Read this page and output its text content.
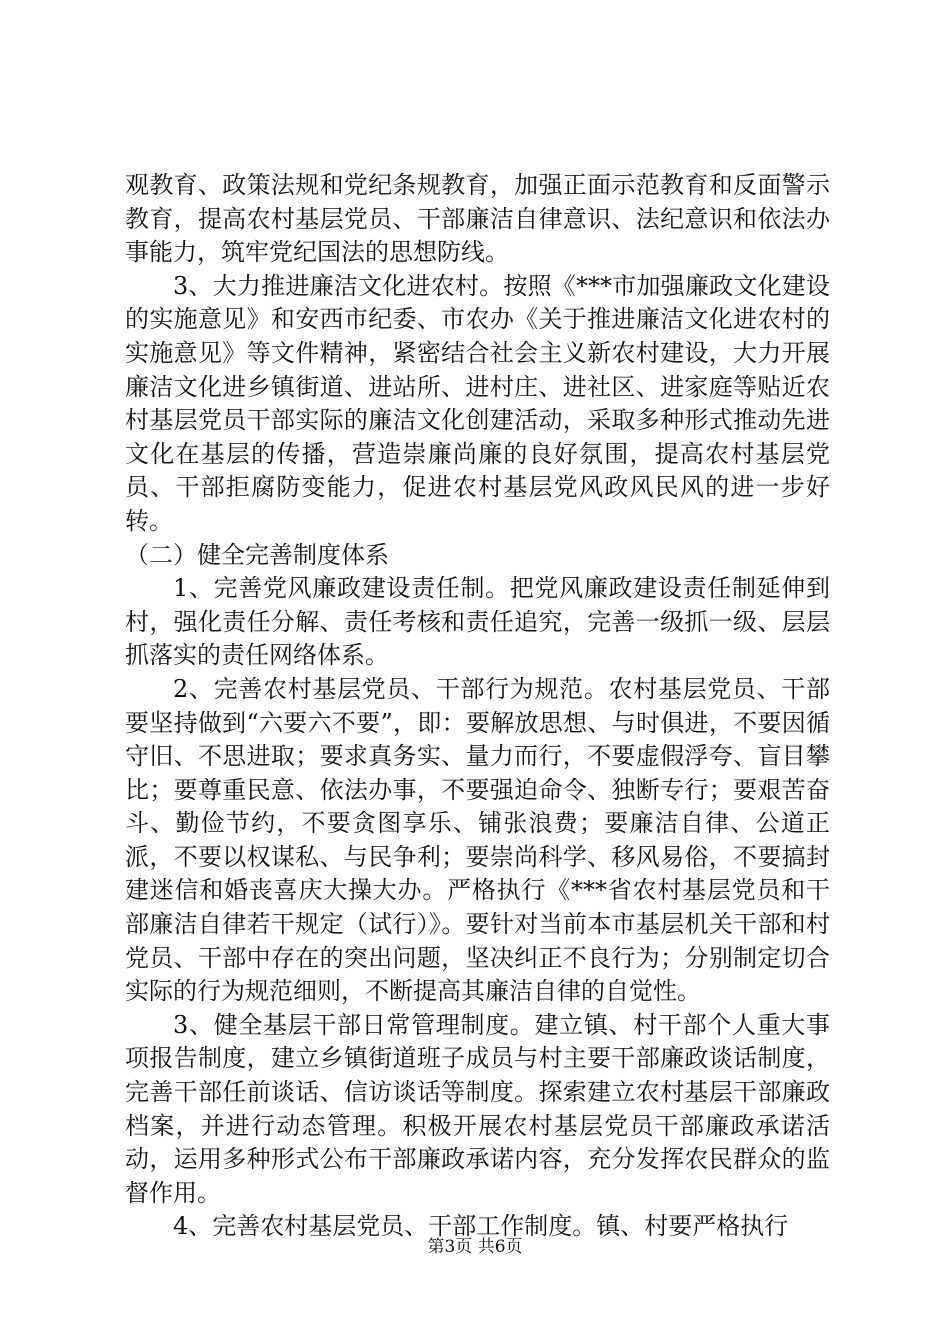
观教育、政策法规和党纪条规教育，加强正面示范教育和反面警示教育，提高农村基层党员、干部廉洁自律意识、法纪意识和依法办事能力，筑牢党纪国法的思想防线。

3、大力推进廉洁文化进农村。按照《***市加强廉政文化建设的实施意见》和安西市纪委、市农办《关于推进廉洁文化进农村的实施意见》等文件精神，紧密结合社会主义新农村建设，大力开展廉洁文化进乡镇街道、进站所、进村庄、进社区、进家庭等贴近农村基层党员干部实际的廉洁文化创建活动，采取多种形式推动先进文化在基层的传播，营造崇廉尚廉的良好氛围，提高农村基层党员、干部拒腐防变能力，促进农村基层党风政风民风的进一步好转。

（二）健全完善制度体系

1、完善党风廉政建设责任制。把党风廉政建设责任制延伸到村，强化责任分解、责任考核和责任追究，完善一级抓一级、层层抓落实的责任网络体系。

2、完善农村基层党员、干部行为规范。农村基层党员、干部要坚持做到“六要六不要”，即：要解放思想、与时俱进，不要因循守旧、不思进取；要求真务实、量力而行，不要虚假浮夸、盲目攀比；要尊重民意、依法办事，不要强迫命令、独断专行；要艰苦奋斗、勤俭节约，不要贪图享乐、铺张浪费；要廉洁自律、公道正派，不要以权谋私、与民争利；要崇尚科学、移风易俗，不要搞封建迷信和婚丧喜庆大操大办。严格执行《***省农村基层党员和干部廉洁自律若干规定（试行）》。要针对当前本市基层机关干部和村党员、干部中存在的突出问题，坚决纠正不良行为；分别制定切合实际的行为规范细则，不断提高其廉洁自律的自觉性。

3、健全基层干部日常管理制度。建立镇、村干部个人重大事项报告制度，建立乡镇街道班子成员与村主要干部廉政谈话制度，完善干部任前谈话、信访谈话等制度。探索建立农村基层干部廉政档案，并进行动态管理。积极开展农村基层党员干部廉政承诺活动，运用多种形式公布干部廉政承诺内容，充分发挥农民群众的监督作用。

4、完善农村基层党员、干部工作制度。镇、村要严格执行

第3页 共6页
